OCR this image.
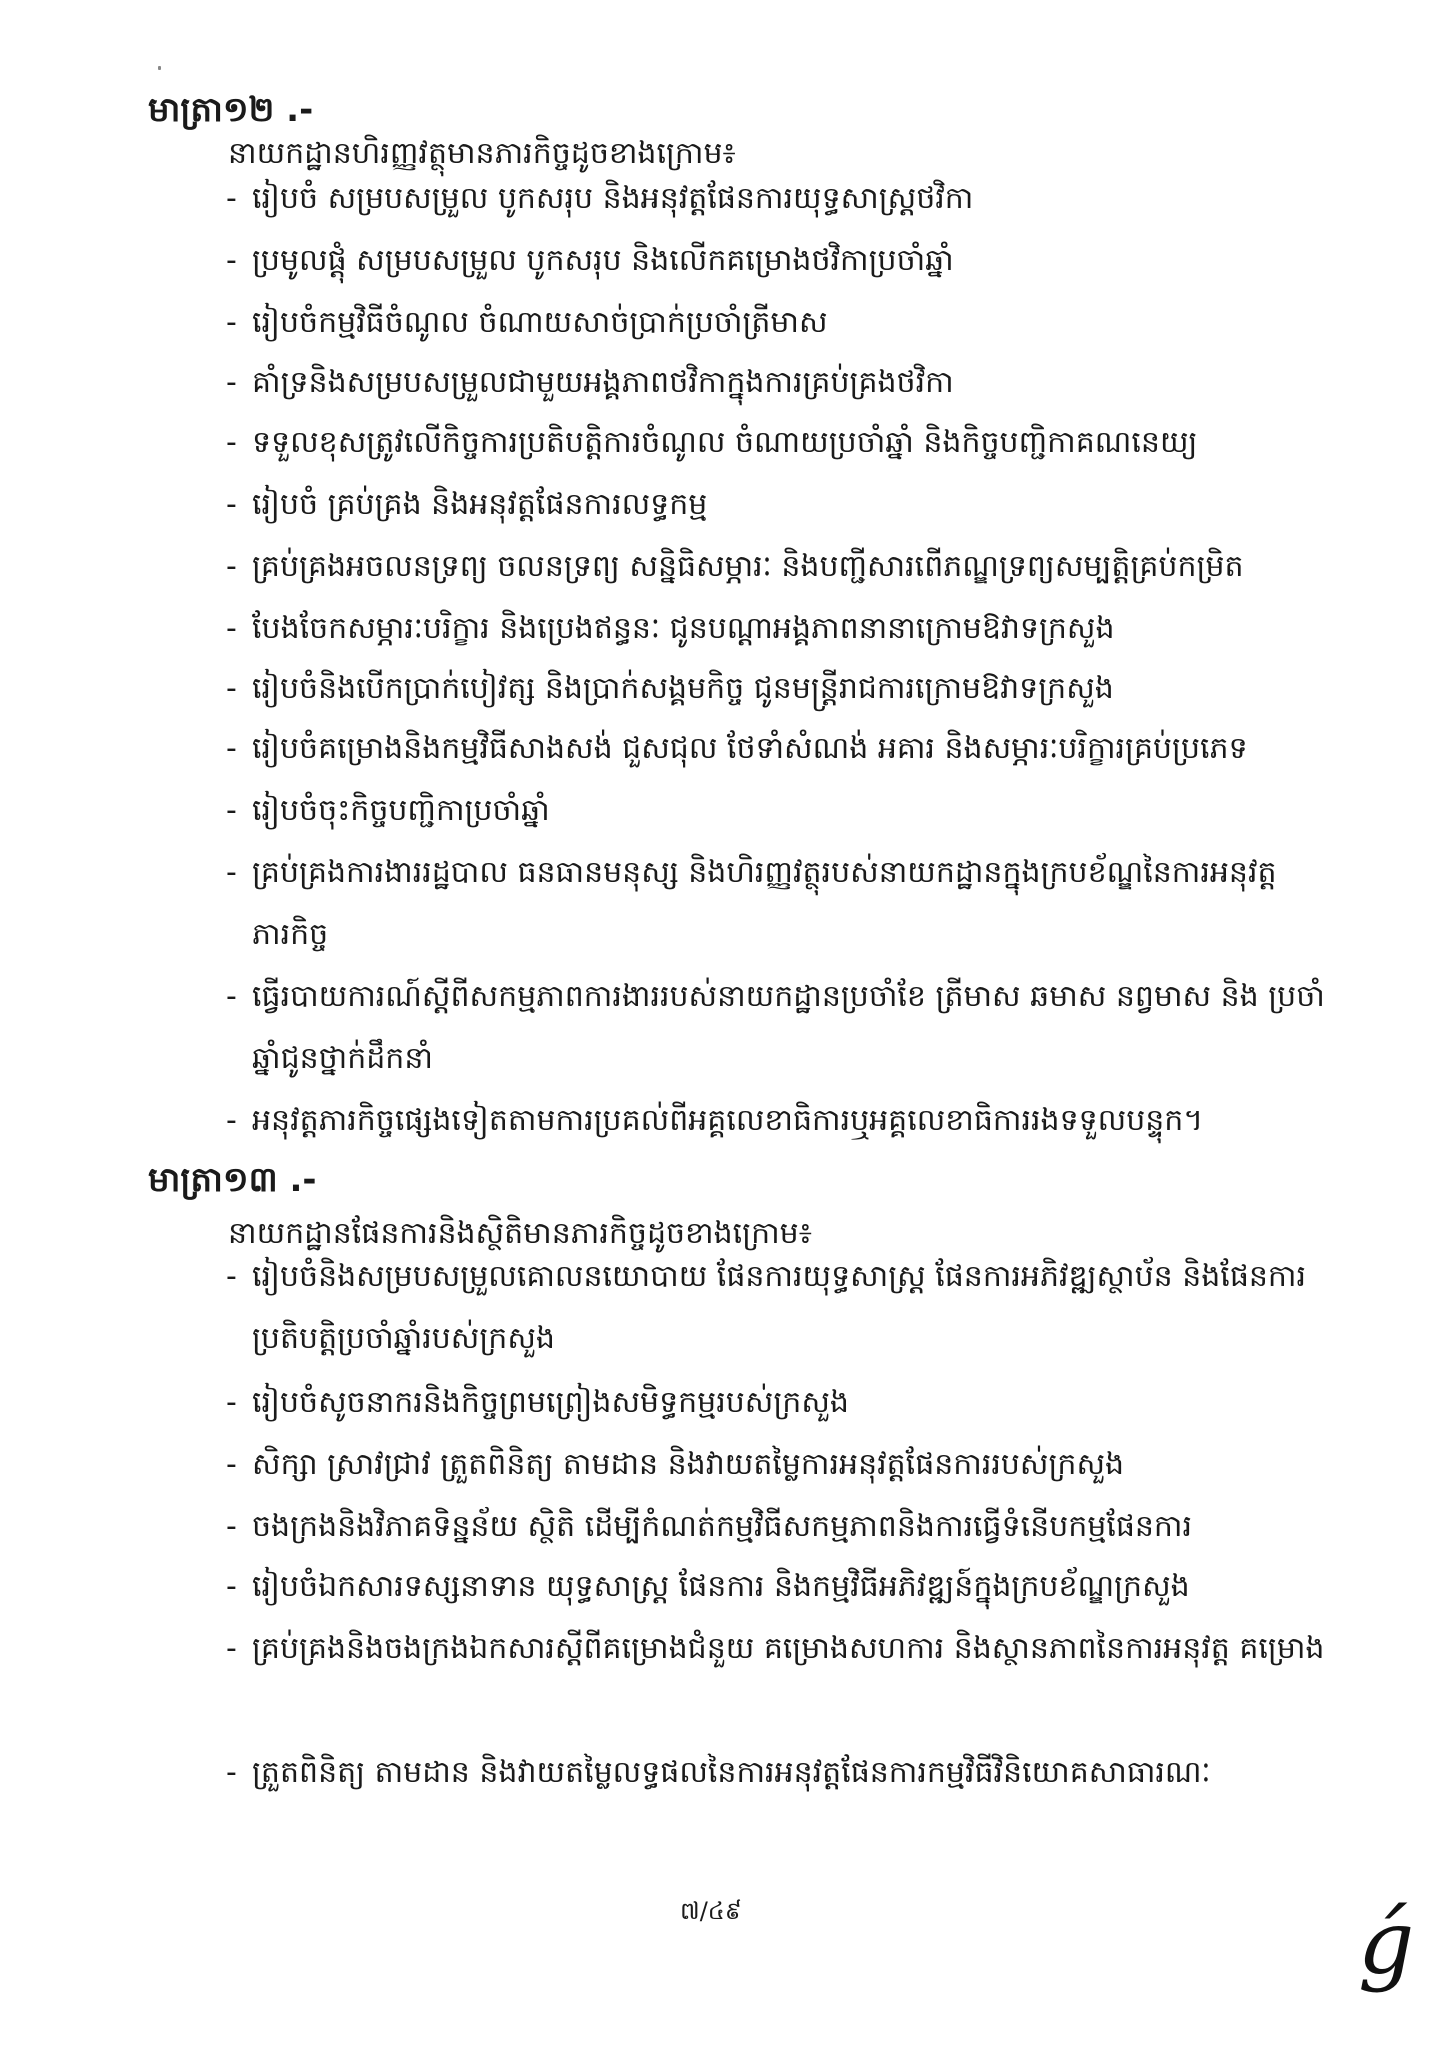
មាត្រា១២ .-
នាយកដ្ឋានហិរញ្ញវត្ថុមានភារកិច្ចដូចខាងក្រោម៖
- រៀបចំ សម្របសម្រួល បូកសរុប និងអនុវត្តផែនការយុទ្ធសាស្ត្រថវិកា
- ប្រមូលផ្តុំ សម្របសម្រួល បូកសរុប និងលើកគម្រោងថវិកាប្រចាំឆ្នាំ
- រៀបចំកម្មវិធីចំណូល ចំណាយសាច់ប្រាក់ប្រចាំត្រីមាស
- គាំទ្រនិងសម្របសម្រួលជាមួយអង្គភាពថវិកាក្នុងការគ្រប់គ្រងថវិកា
- ទទួលខុសត្រូវលើកិច្ចការប្រតិបត្តិការចំណូល ចំណាយប្រចាំឆ្នាំ និងកិច្ចបញ្ជិកាគណនេយ្យ
- រៀបចំ គ្រប់គ្រង និងអនុវត្តផែនការលទ្ធកម្ម
- គ្រប់គ្រងអចលនទ្រព្យ ចលនទ្រព្យ សន្និធិសម្ភារៈ និងបញ្ជីសារពើភណ្ឌទ្រព្យសម្បត្តិគ្រប់កម្រិត
- បែងចែកសម្ភារៈបរិក្ខារ និងប្រេងឥន្ធនៈ ជូនបណ្តាអង្គភាពនានាក្រោមឱវាទក្រសួង
- រៀបចំនិងបើកប្រាក់បៀវត្ស និងប្រាក់សង្គមកិច្ច ជូនមន្ត្រីរាជការក្រោមឱវាទក្រសួង
- រៀបចំគម្រោងនិងកម្មវិធីសាងសង់ ជួសជុល ថែទាំសំណង់ អគារ និងសម្ភារៈបរិក្ខារគ្រប់ប្រភេទ
- រៀបចំចុះកិច្ចបញ្ជិកាប្រចាំឆ្នាំ
- គ្រប់គ្រងការងាររដ្ឋបាល ធនធានមនុស្ស និងហិរញ្ញវត្ថុរបស់នាយកដ្ឋានក្នុងក្របខ័ណ្ឌនៃការអនុវត្ត ភារកិច្ច
- ធ្វើរបាយការណ៍ស្តីពីសកម្មភាពការងាររបស់នាយកដ្ឋានប្រចាំខែ ត្រីមាស ឆមាស នព្វមាស និង ប្រចាំឆ្នាំជូនថ្នាក់ដឹកនាំ
- អនុវត្តភារកិច្ចផ្សេងទៀតតាមការប្រគល់ពីអគ្គលេខាធិការឬអគ្គលេខាធិការរងទទួលបន្ទុក។
មាត្រា១៣ .-
នាយកដ្ឋានផែនការនិងស្ថិតិមានភារកិច្ចដូចខាងក្រោម៖
- រៀបចំនិងសម្របសម្រួលគោលនយោបាយ ផែនការយុទ្ធសាស្ត្រ ផែនការអភិវឌ្ឍស្ថាប័ន និងផែនការ ប្រតិបត្តិប្រចាំឆ្នាំរបស់ក្រសួង
- រៀបចំសូចនាករនិងកិច្ចព្រមព្រៀងសមិទ្ធកម្មរបស់ក្រសួង
- សិក្សា ស្រាវជ្រាវ ត្រួតពិនិត្យ តាមដាន និងវាយតម្លៃការអនុវត្តផែនការរបស់ក្រសួង
- ចងក្រងនិងវិភាគទិន្នន័យ ស្ថិតិ ដើម្បីកំណត់កម្មវិធីសកម្មភាពនិងការធ្វើទំនើបកម្មផែនការ
- រៀបចំឯកសារទស្សនាទាន យុទ្ធសាស្ត្រ ផែនការ និងកម្មវិធីអភិវឌ្ឍន៍ក្នុងក្របខ័ណ្ឌក្រសួង
- គ្រប់គ្រងនិងចងក្រងឯកសារស្តីពីគម្រោងជំនួយ គម្រោងសហការ និងស្ថានភាពនៃការអនុវត្ត គម្រោង
- ត្រួតពិនិត្យ តាមដាន និងវាយតម្លៃលទ្ធផលនៃការអនុវត្តផែនការកម្មវិធីវិនិយោគសាធារណៈ
៧/៤៩	ǵ
